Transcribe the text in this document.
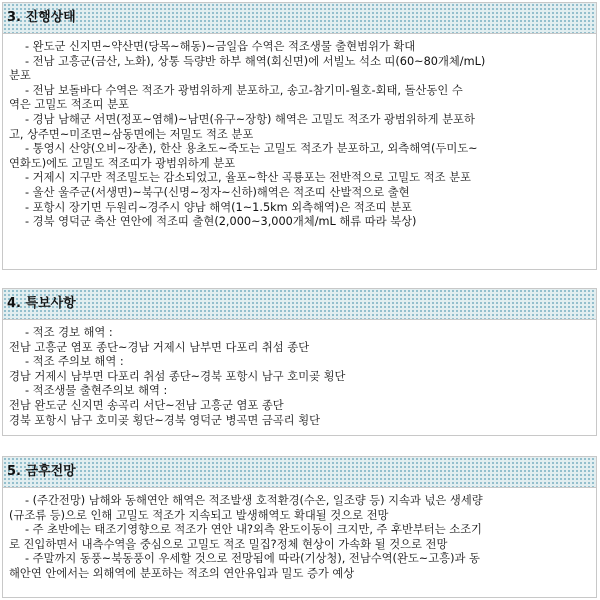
3. 진행상태
- 완도군 신지면~약산면(당목~해동)~금일읍 수역은 적조생물 출현범위가 확대
- 전남 고흥군(금산, 노화), 상통 득량반 하부 해역(회신면)에 서빌노 석소 띠(60~80개체/mL)
분포
- 전남 보돌바다 수역은 적조가 광범위하게 분포하고, 송고-참기미-월호-회태, 돌산동인 수
역은 고밀도 적조띠 분포
- 경남 남해군 서면(정포~염해)~남면(유구~장항) 해역은 고밀도 적조가 광범위하게 분포하
고, 상주면~미조면~삼동면에는 저밀도 적조 분포
- 통영시 산양(오비~장촌), 한산 용초도~죽도는 고밀도 적조가 분포하고, 외측해역(두미도~
연화도)에도 고밀도 적조띠가 광범위하게 분포
- 거제시 지구만 적조밀도는 감소되었고, 율포~학산 곡룡포는 전반적으로 고밀도 적조 분포
- 울산 울주군(서생면)~북구(신명~정자~신하)해역은 적조띠 산발적으로 출현
- 포항시 장기면 두원리~경주시 양남 해역(1~1.5km 외측해역)은 적조띠 분포
- 경북 영덕군 축산 연안에 적조띠 출현(2,000~3,000개체/mL 해류 따라 북상)
4. 특보사항
- 적조 경보 해역 :
전남 고흥군 염포 종단~경남 거제시 남부면 다포리 취섬 종단
- 적조 주의보 해역 :
경남 거제시 남부면 다포리 취섬 종단~경북 포항시 남구 호미곶 횡단
- 적조생물 출현주의보 해역 :
전남 완도군 신지면 송곡리 서단~전남 고흥군 염포 종단
경북 포항시 남구 호미곶 횡단~경북 영덕군 병곡면 금곡리 횡단
5. 금후전망
- (주간전망) 남해와 동해연안 해역은 적조발생 호적환경(수온, 일조량 등) 지속과 넋은 생세량
(규조류 등)으로 인해 고밀도 적조가 지속되고 발생해역도 확대될 것으로 전망
- 주 초반에는 태조기영향으로 적조가 연안 내?외측 완도이동이 크지만, 주 후반부터는 소조기
로 진입하면서 내측수역을 중심으로 고밀도 적조 밀집?정체 현상이 가속화 될 것으로 전망
- 주말까지 동풍~북동풍이 우세할 것으로 전망됨에 따라(기상청), 전남수역(완도~고흥)과 동
해안연 안에서는 외해역에 분포하는 적조의 연안유입과 밀도 증가 예상
